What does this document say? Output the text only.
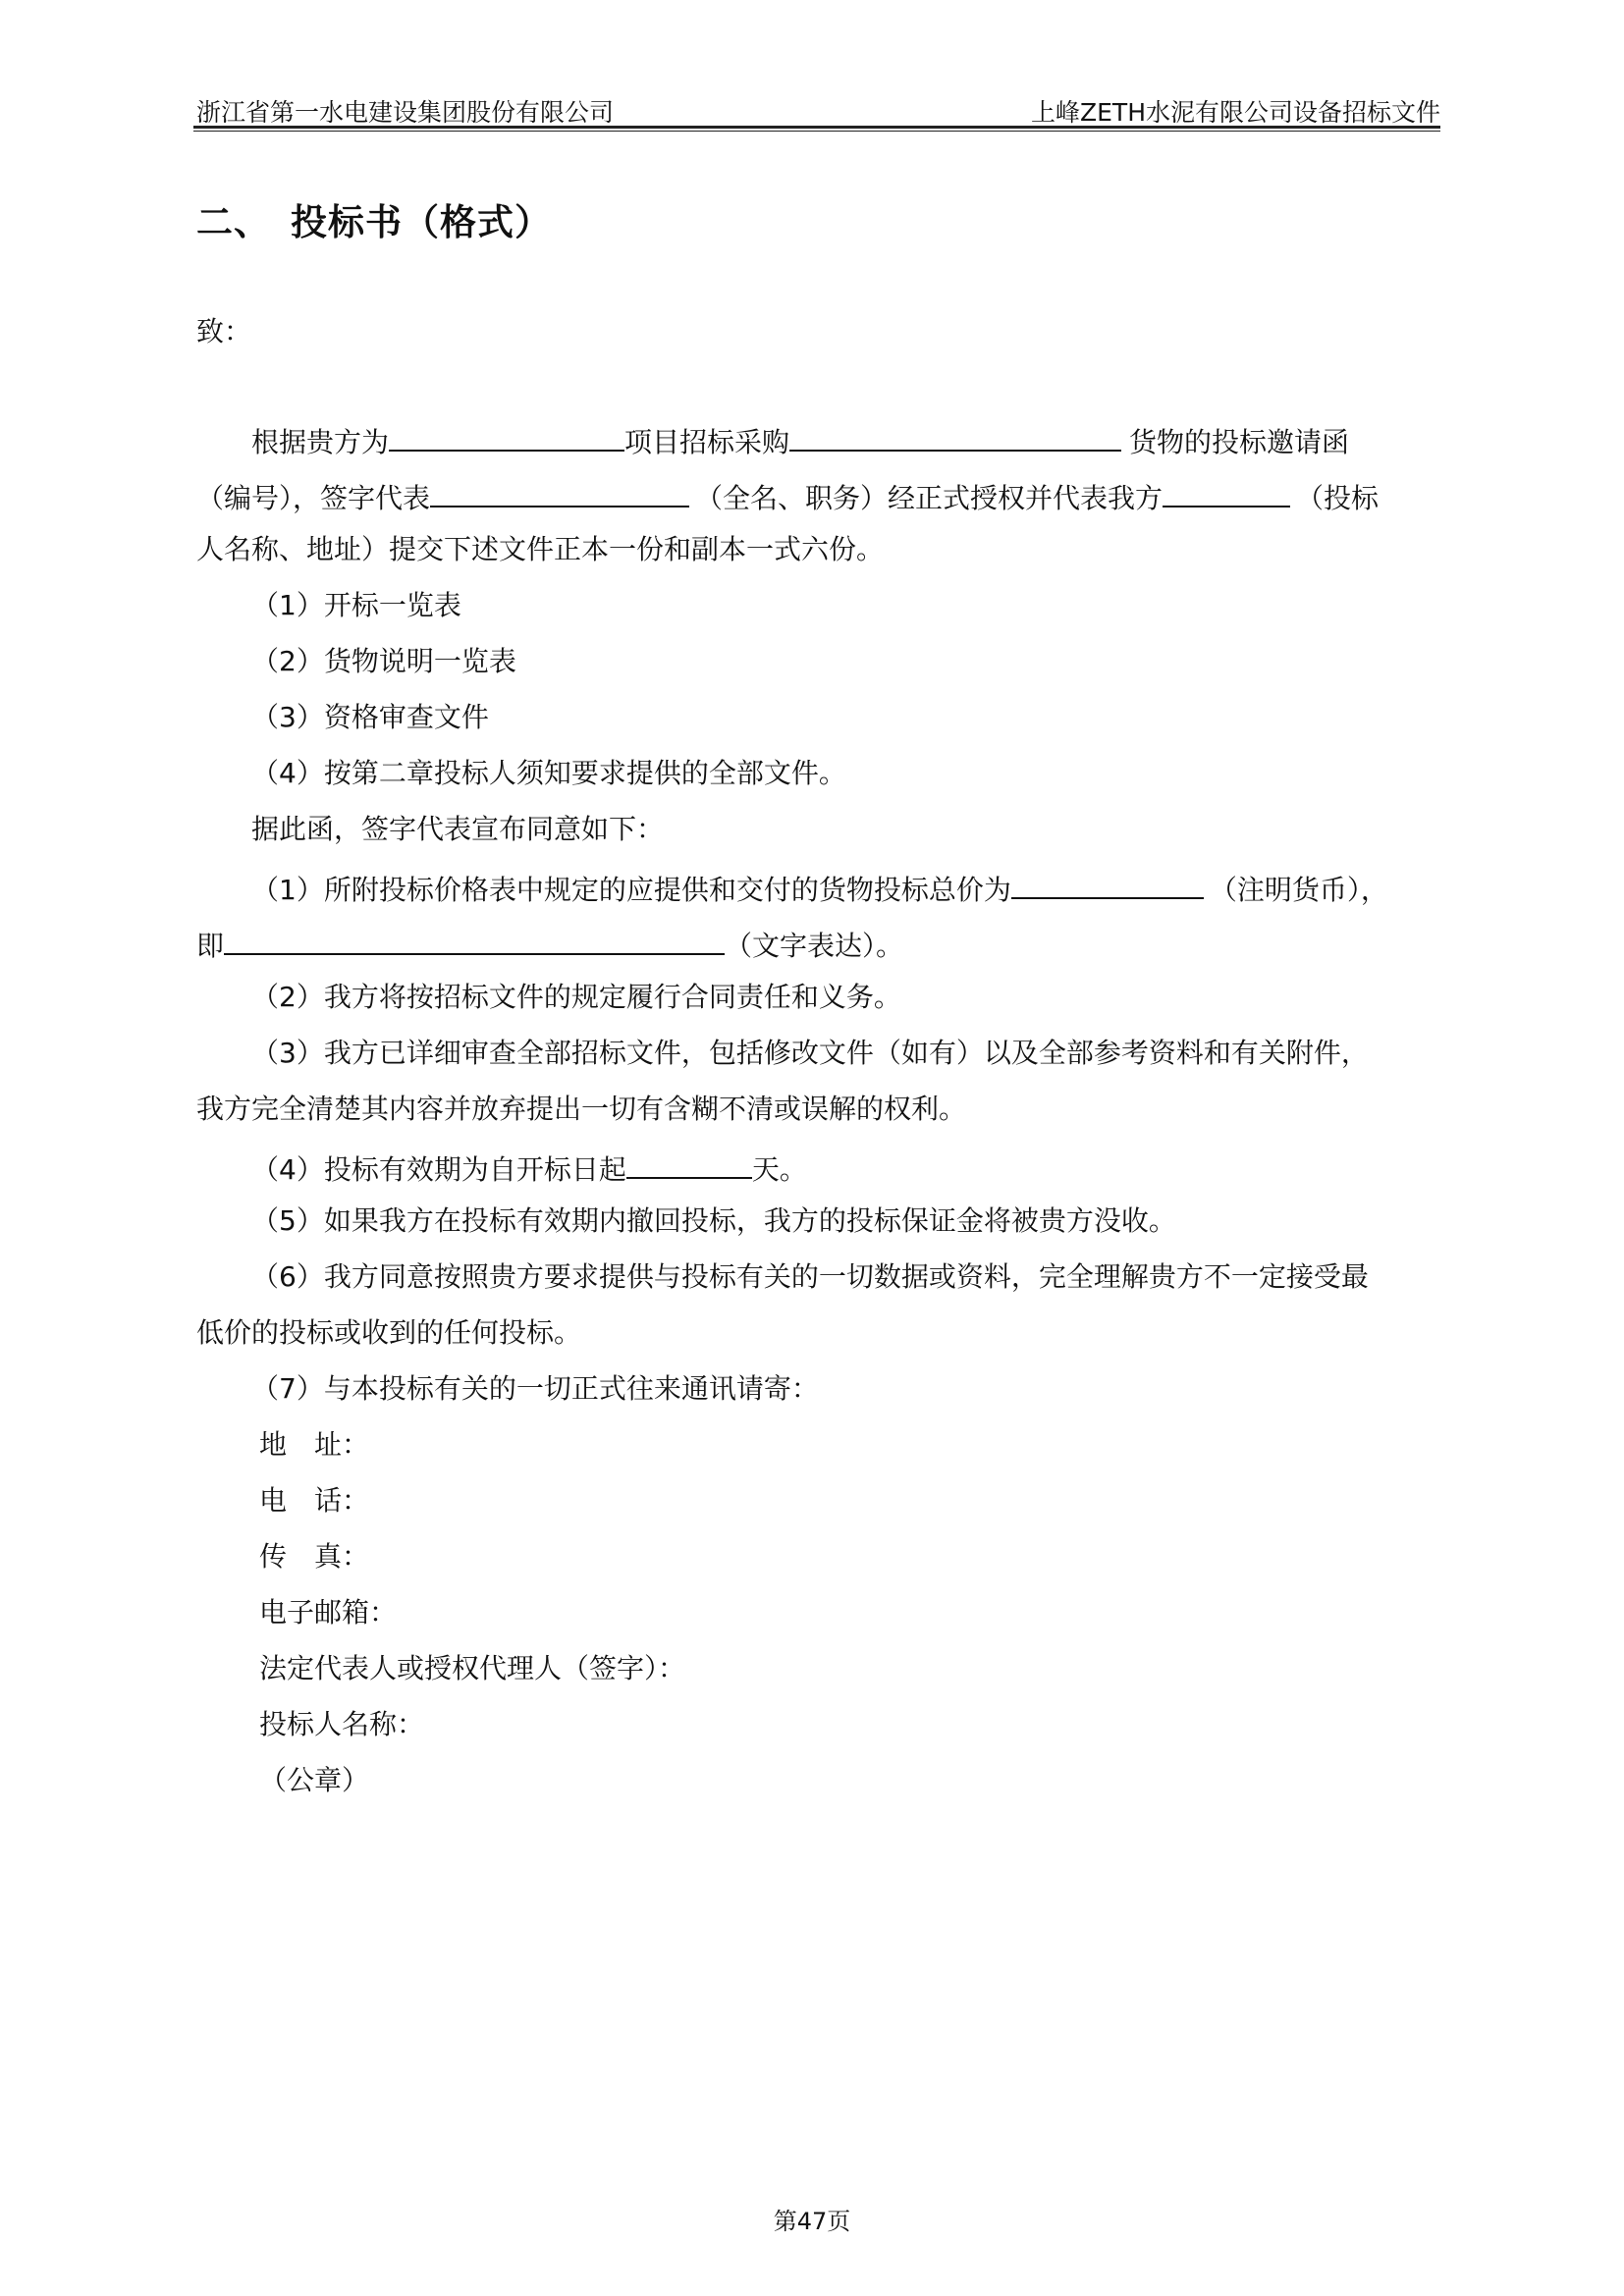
浙江省第一水电建设集团股份有限公司	上峰ZETH水泥有限公司设备招标文件
二、 投标书（格式）
致：
根据贵方为	项目招标采购	货物的投标邀请函
（编号），签字代表	（全名、职务）经正式授权并代表我方	（投标
人名称、地址）提交下述文件正本一份和副本一式六份。
（1）开标一览表
（2）货物说明一览表
（3）资格审查文件
（4）按第二章投标人须知要求提供的全部文件。
据此函，签字代表宣布同意如下：
（1）所附投标价格表中规定的应提供和交付的货物投标总价为	（注明货币），
即	（文字表达）。
（2）我方将按招标文件的规定履行合同责任和义务。
（3）我方已详细审查全部招标文件，包括修改文件（如有）以及全部参考资料和有关附件，
我方完全清楚其内容并放弃提出一切有含糊不清或误解的权利。
（4）投标有效期为自开标日起	天。
（5）如果我方在投标有效期内撤回投标，我方的投标保证金将被贵方没收。
（6）我方同意按照贵方要求提供与投标有关的一切数据或资料，完全理解贵方不一定接受最
低价的投标或收到的任何投标。
（7）与本投标有关的一切正式往来通讯请寄：
地　址：
电　话：
传　真：
电子邮箱：
法定代表人或授权代理人（签字）：
投标人名称：
（公章）
第47页
